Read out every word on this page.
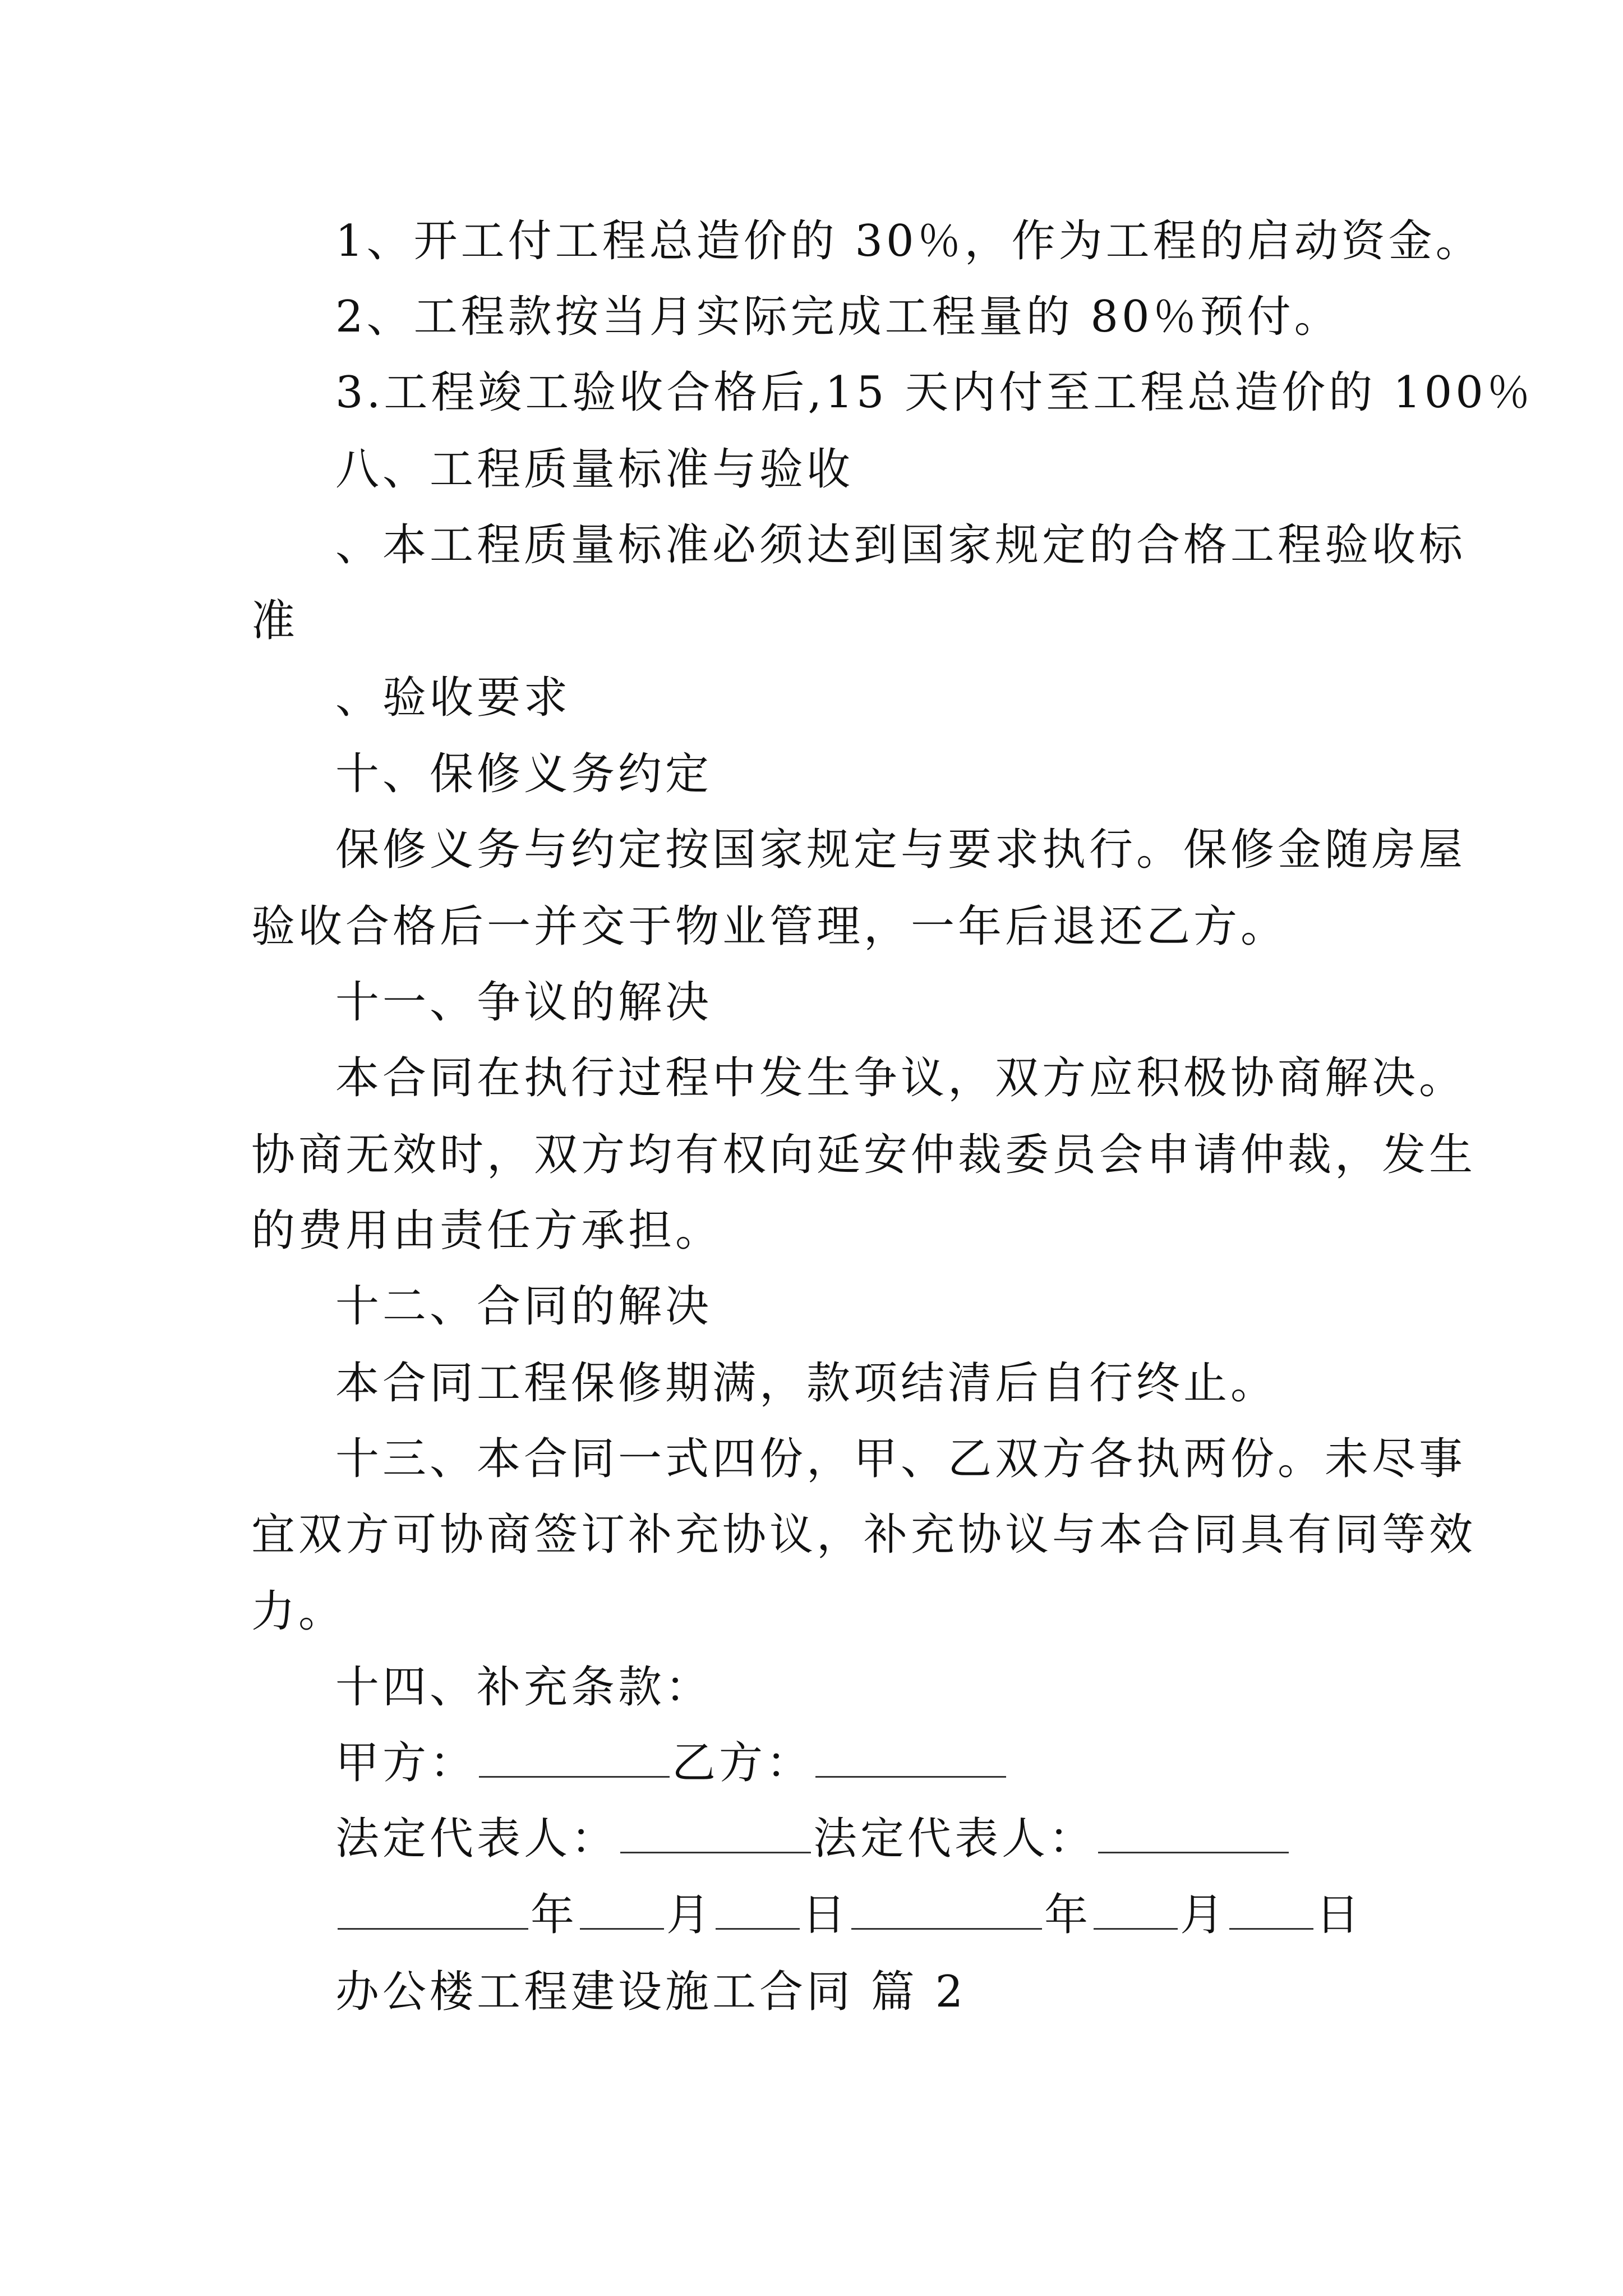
1、开工付工程总造价的 30％，作为工程的启动资金。
2、工程款按当月实际完成工程量的 80％预付。
3.工程竣工验收合格后,15 天内付至工程总造价的 100％
八、工程质量标准与验收
、本工程质量标准必须达到国家规定的合格工程验收标
准
、验收要求
十、保修义务约定
保修义务与约定按国家规定与要求执行。保修金随房屋
验收合格后一并交于物业管理，一年后退还乙方。
十一、争议的解决
本合同在执行过程中发生争议，双方应积极协商解决。
协商无效时，双方均有权向延安仲裁委员会申请仲裁，发生
的费用由责任方承担。
十二、合同的解决
本合同工程保修期满，款项结清后自行终止。
十三、本合同一式四份，甲、乙双方各执两份。未尽事
宜双方可协商签订补充协议，补充协议与本合同具有同等效
力。
十四、补充条款：
甲方：	乙方：
法定代表人：	法定代表人：
年 月 日	年 月 日
办公楼工程建设施工合同 篇 2
